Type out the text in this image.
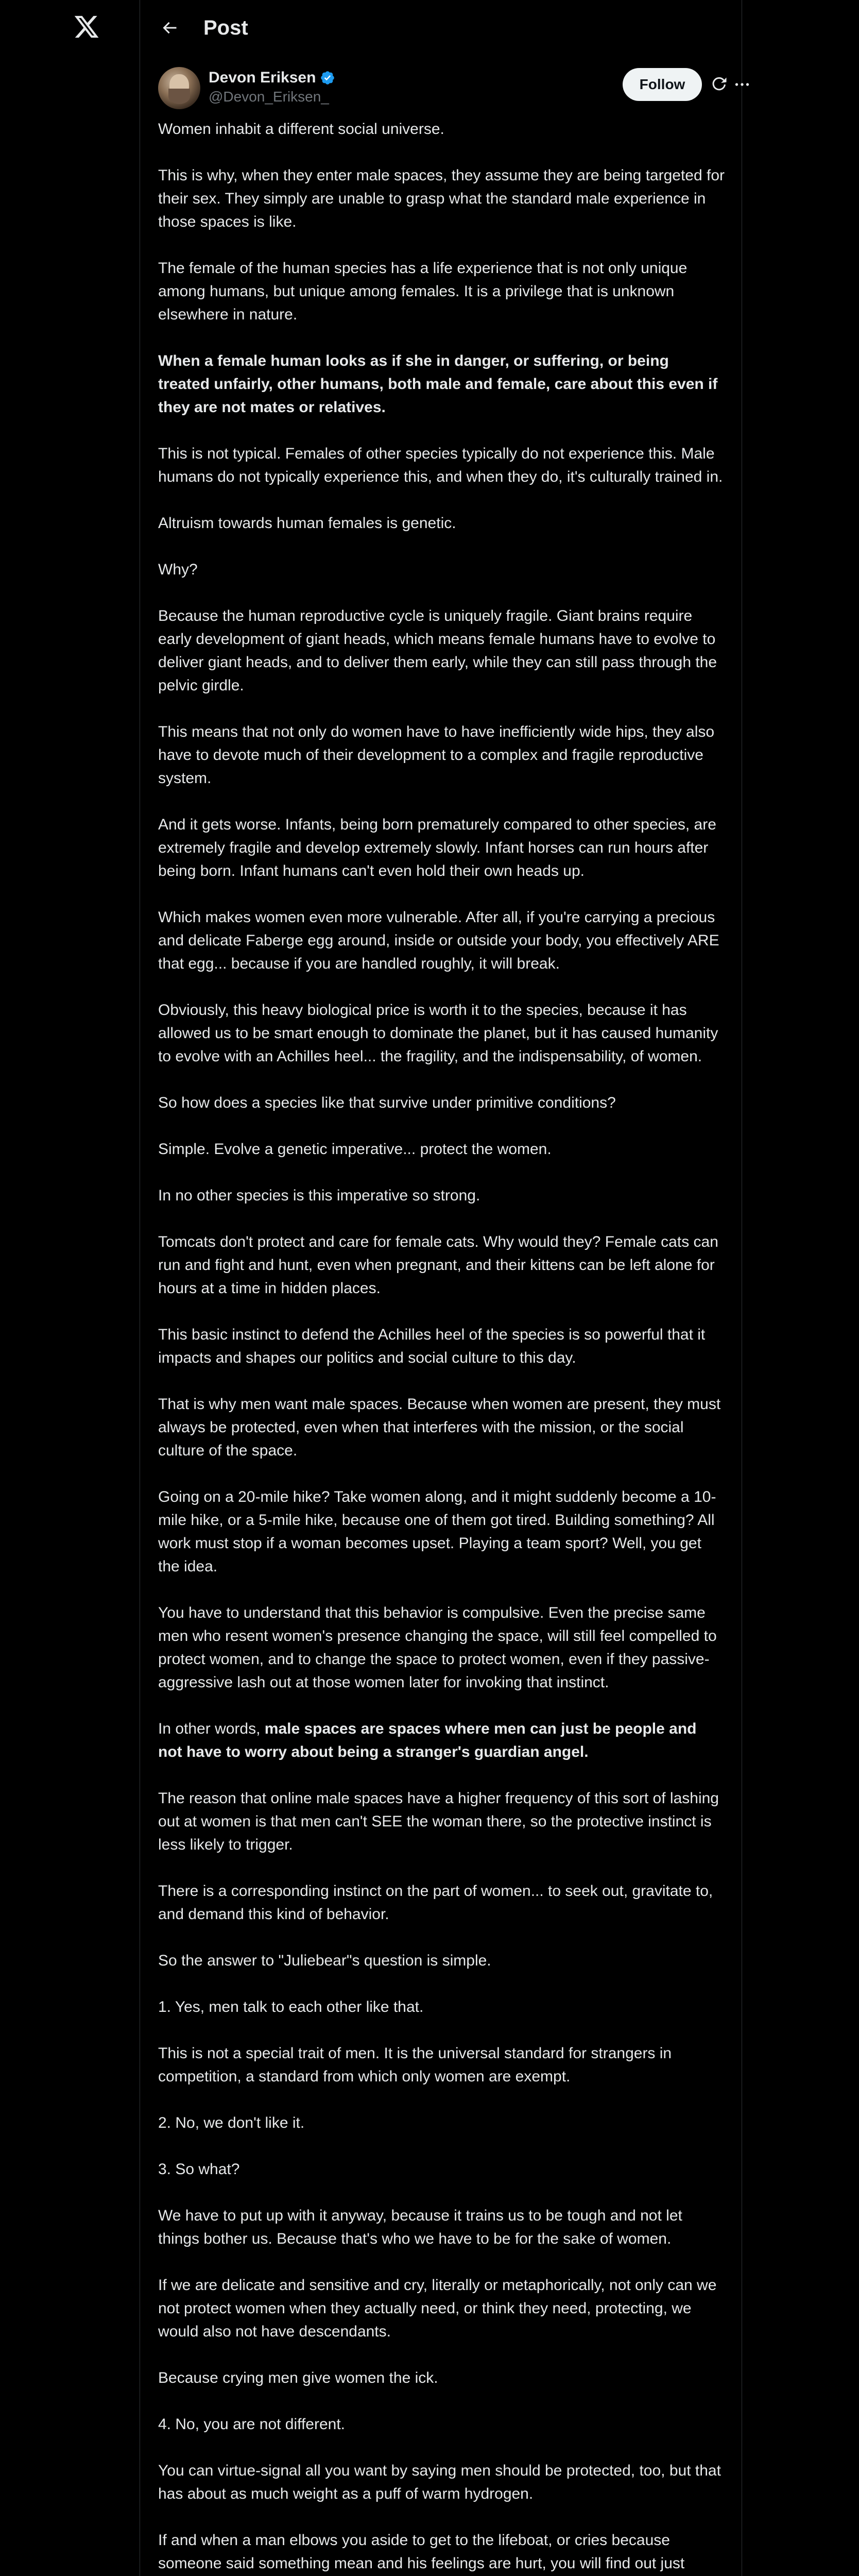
Post
Devon Eriksen
@Devon_Eriksen_
Follow

Women inhabit a different social universe.

This is why, when they enter male spaces, they assume they are being targeted for their sex. They simply are unable to grasp what the standard male experience in those spaces is like.

The female of the human species has a life experience that is not only unique among humans, but unique among females. It is a privilege that is unknown elsewhere in nature.

When a female human looks as if she in danger, or suffering, or being treated unfairly, other humans, both male and female, care about this even if they are not mates or relatives.

This is not typical. Females of other species typically do not experience this. Male humans do not typically experience this, and when they do, it's culturally trained in.

Altruism towards human females is genetic.

Why?

Because the human reproductive cycle is uniquely fragile. Giant brains require early development of giant heads, which means female humans have to evolve to deliver giant heads, and to deliver them early, while they can still pass through the pelvic girdle.

This means that not only do women have to have inefficiently wide hips, they also have to devote much of their development to a complex and fragile reproductive system.

And it gets worse. Infants, being born prematurely compared to other species, are extremely fragile and develop extremely slowly. Infant horses can run hours after being born. Infant humans can't even hold their own heads up.

Which makes women even more vulnerable. After all, if you're carrying a precious and delicate Faberge egg around, inside or outside your body, you effectively ARE that egg... because if you are handled roughly, it will break.

Obviously, this heavy biological price is worth it to the species, because it has allowed us to be smart enough to dominate the planet, but it has caused humanity to evolve with an Achilles heel... the fragility, and the indispensability, of women.

So how does a species like that survive under primitive conditions?

Simple. Evolve a genetic imperative... protect the women.

In no other species is this imperative so strong.

Tomcats don't protect and care for female cats. Why would they? Female cats can run and fight and hunt, even when pregnant, and their kittens can be left alone for hours at a time in hidden places.

This basic instinct to defend the Achilles heel of the species is so powerful that it impacts and shapes our politics and social culture to this day.

That is why men want male spaces. Because when women are present, they must always be protected, even when that interferes with the mission, or the social culture of the space.

Going on a 20-mile hike? Take women along, and it might suddenly become a 10-mile hike, or a 5-mile hike, because one of them got tired. Building something? All work must stop if a woman becomes upset. Playing a team sport? Well, you get the idea.

You have to understand that this behavior is compulsive. Even the precise same men who resent women's presence changing the space, will still feel compelled to protect women, and to change the space to protect women, even if they passive-aggressive lash out at those women later for invoking that instinct.

In other words, male spaces are spaces where men can just be people and not have to worry about being a stranger's guardian angel.

The reason that online male spaces have a higher frequency of this sort of lashing out at women is that men can't SEE the woman there, so the protective instinct is less likely to trigger.

There is a corresponding instinct on the part of women... to seek out, gravitate to, and demand this kind of behavior.

So the answer to "Juliebear"s question is simple.

1. Yes, men talk to each other like that.

This is not a special trait of men. It is the universal standard for strangers in competition, a standard from which only women are exempt.

2. No, we don't like it.

3. So what?

We have to put up with it anyway, because it trains us to be tough and not let things bother us. Because that's who we have to be for the sake of women.

If we are delicate and sensitive and cry, literally or metaphorically, not only can we not protect women when they actually need, or think they need, protecting, we would also not have descendants.

Because crying men give women the ick.

4. No, you are not different.

You can virtue-signal all you want by saying men should be protected, too, but that has about as much weight as a puff of warm hydrogen.

If and when a man elbows you aside to get to the lifeboat, or cries because someone said something mean and his feelings are hurt, you will find out just
